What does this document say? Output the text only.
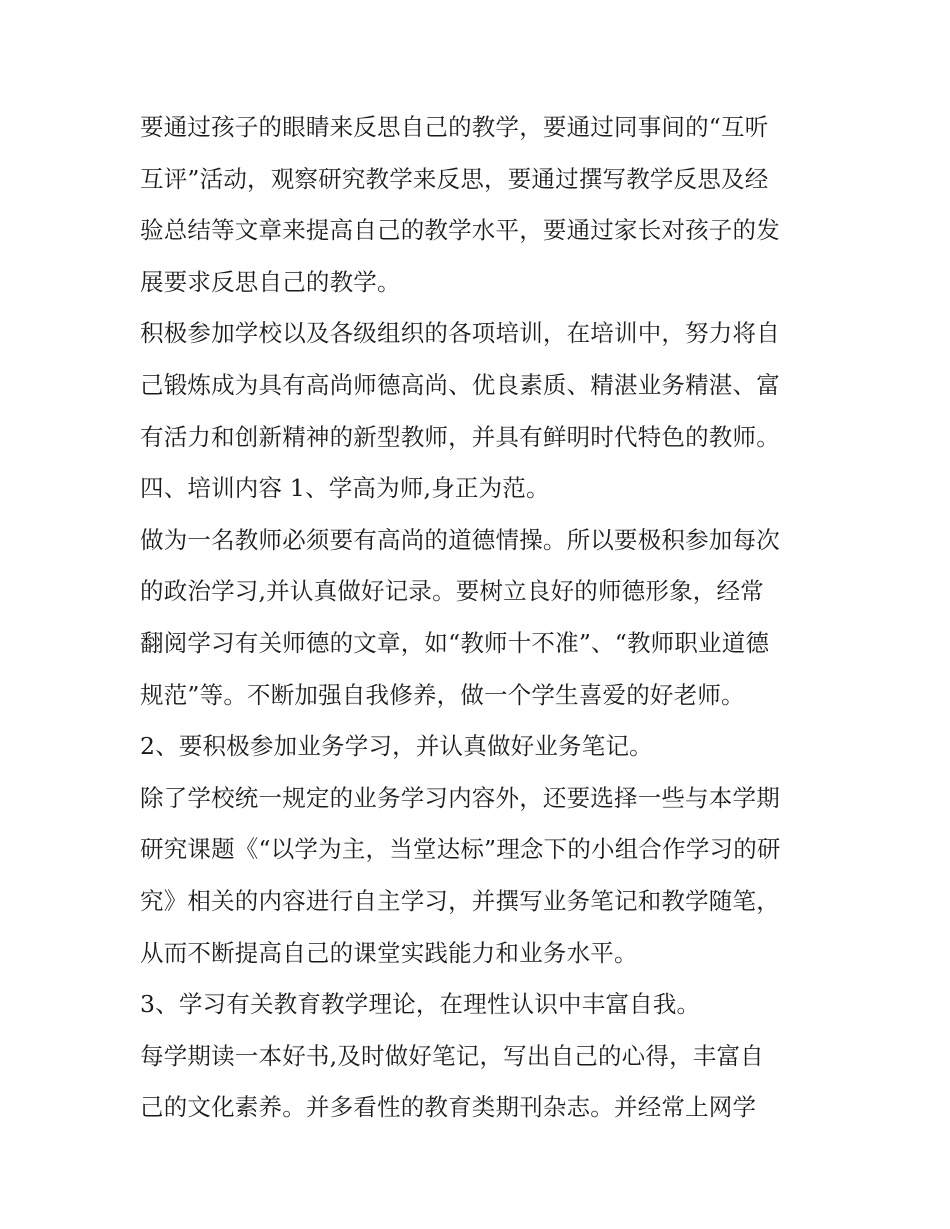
要通过孩子的眼睛来反思自己的教学，要通过同事间的“互听
互评”活动，观察研究教学来反思，要通过撰写教学反思及经
验总结等文章来提高自己的教学水平，要通过家长对孩子的发
展要求反思自己的教学。
积极参加学校以及各级组织的各项培训，在培训中，努力将自
己锻炼成为具有高尚师德高尚、优良素质、精湛业务精湛、富
有活力和创新精神的新型教师，并具有鲜明时代特色的教师。
四、培训内容 1、学高为师,身正为范。
做为一名教师必须要有高尚的道德情操。所以要极积参加每次
的政治学习,并认真做好记录。要树立良好的师德形象，经常
翻阅学习有关师德的文章，如“教师十不准”、“教师职业道德
规范”等。不断加强自我修养，做一个学生喜爱的好老师。
2、要积极参加业务学习，并认真做好业务笔记。
除了学校统一规定的业务学习内容外，还要选择一些与本学期
研究课题《“以学为主，当堂达标”理念下的小组合作学习的研
究》相关的内容进行自主学习，并撰写业务笔记和教学随笔，
从而不断提高自己的课堂实践能力和业务水平。
3、学习有关教育教学理论，在理性认识中丰富自我。
每学期读一本好书,及时做好笔记，写出自己的心得，丰富自
己的文化素养。并多看性的教育类期刊杂志。并经常上网学
